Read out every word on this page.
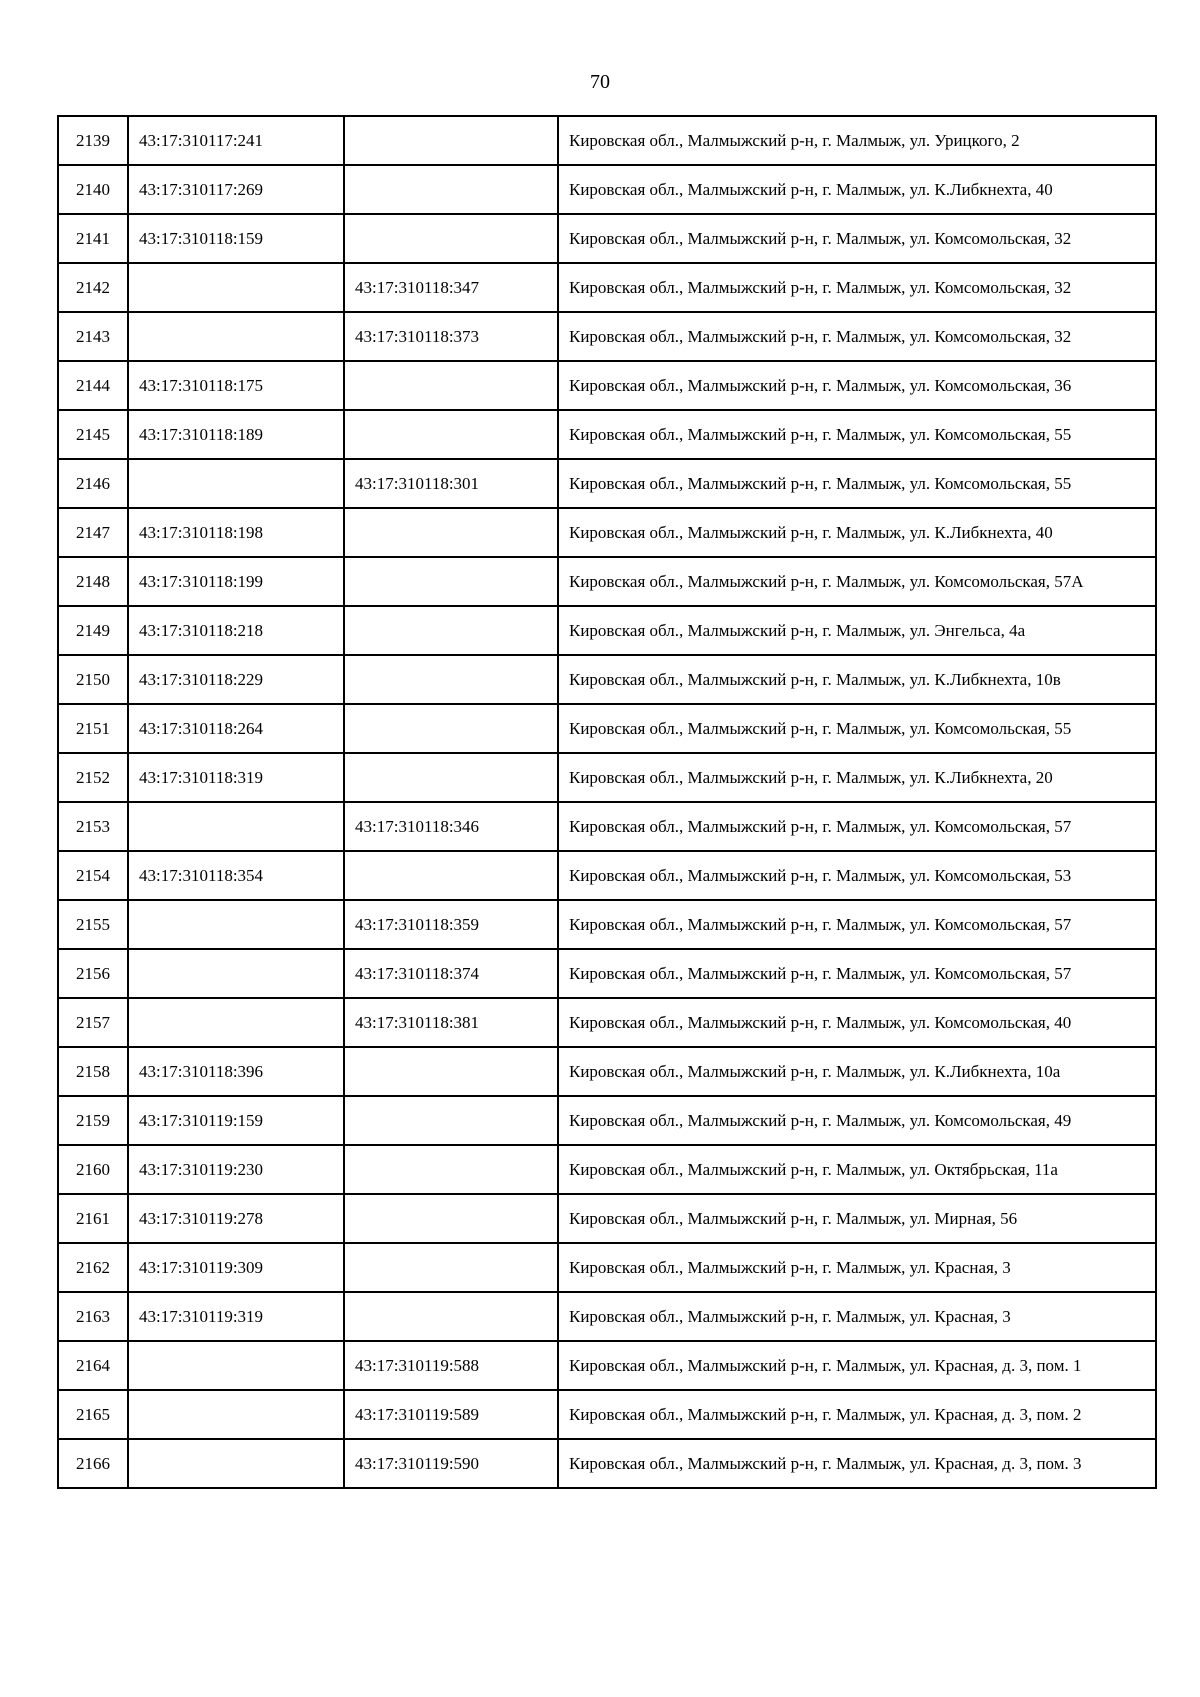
70
2139	43:17:310117:241		Кировская обл., Малмыжский р-н, г. Малмыж, ул. Урицкого, 2
2140	43:17:310117:269		Кировская обл., Малмыжский р-н, г. Малмыж, ул. К.Либкнехта, 40
2141	43:17:310118:159		Кировская обл., Малмыжский р-н, г. Малмыж, ул. Комсомольская, 32
2142		43:17:310118:347	Кировская обл., Малмыжский р-н, г. Малмыж, ул. Комсомольская, 32
2143		43:17:310118:373	Кировская обл., Малмыжский р-н, г. Малмыж, ул. Комсомольская, 32
2144	43:17:310118:175		Кировская обл., Малмыжский р-н, г. Малмыж, ул. Комсомольская, 36
2145	43:17:310118:189		Кировская обл., Малмыжский р-н, г. Малмыж, ул. Комсомольская, 55
2146		43:17:310118:301	Кировская обл., Малмыжский р-н, г. Малмыж, ул. Комсомольская, 55
2147	43:17:310118:198		Кировская обл., Малмыжский р-н, г. Малмыж, ул. К.Либкнехта, 40
2148	43:17:310118:199		Кировская обл., Малмыжский р-н, г. Малмыж, ул. Комсомольская, 57А
2149	43:17:310118:218		Кировская обл., Малмыжский р-н, г. Малмыж, ул. Энгельса, 4а
2150	43:17:310118:229		Кировская обл., Малмыжский р-н, г. Малмыж, ул. К.Либкнехта, 10в
2151	43:17:310118:264		Кировская обл., Малмыжский р-н, г. Малмыж, ул. Комсомольская, 55
2152	43:17:310118:319		Кировская обл., Малмыжский р-н, г. Малмыж, ул. К.Либкнехта, 20
2153		43:17:310118:346	Кировская обл., Малмыжский р-н, г. Малмыж, ул. Комсомольская, 57
2154	43:17:310118:354		Кировская обл., Малмыжский р-н, г. Малмыж, ул. Комсомольская, 53
2155		43:17:310118:359	Кировская обл., Малмыжский р-н, г. Малмыж, ул. Комсомольская, 57
2156		43:17:310118:374	Кировская обл., Малмыжский р-н, г. Малмыж, ул. Комсомольская, 57
2157		43:17:310118:381	Кировская обл., Малмыжский р-н, г. Малмыж, ул. Комсомольская, 40
2158	43:17:310118:396		Кировская обл., Малмыжский р-н, г. Малмыж, ул. К.Либкнехта, 10а
2159	43:17:310119:159		Кировская обл., Малмыжский р-н, г. Малмыж, ул. Комсомольская, 49
2160	43:17:310119:230		Кировская обл., Малмыжский р-н, г. Малмыж, ул. Октябрьская, 11а
2161	43:17:310119:278		Кировская обл., Малмыжский р-н, г. Малмыж, ул. Мирная, 56
2162	43:17:310119:309		Кировская обл., Малмыжский р-н, г. Малмыж, ул. Красная, 3
2163	43:17:310119:319		Кировская обл., Малмыжский р-н, г. Малмыж, ул. Красная, 3
2164		43:17:310119:588	Кировская обл., Малмыжский р-н, г. Малмыж, ул. Красная, д. 3, пом. 1
2165		43:17:310119:589	Кировская обл., Малмыжский р-н, г. Малмыж, ул. Красная, д. 3, пом. 2
2166		43:17:310119:590	Кировская обл., Малмыжский р-н, г. Малмыж, ул. Красная, д. 3, пом. 3
